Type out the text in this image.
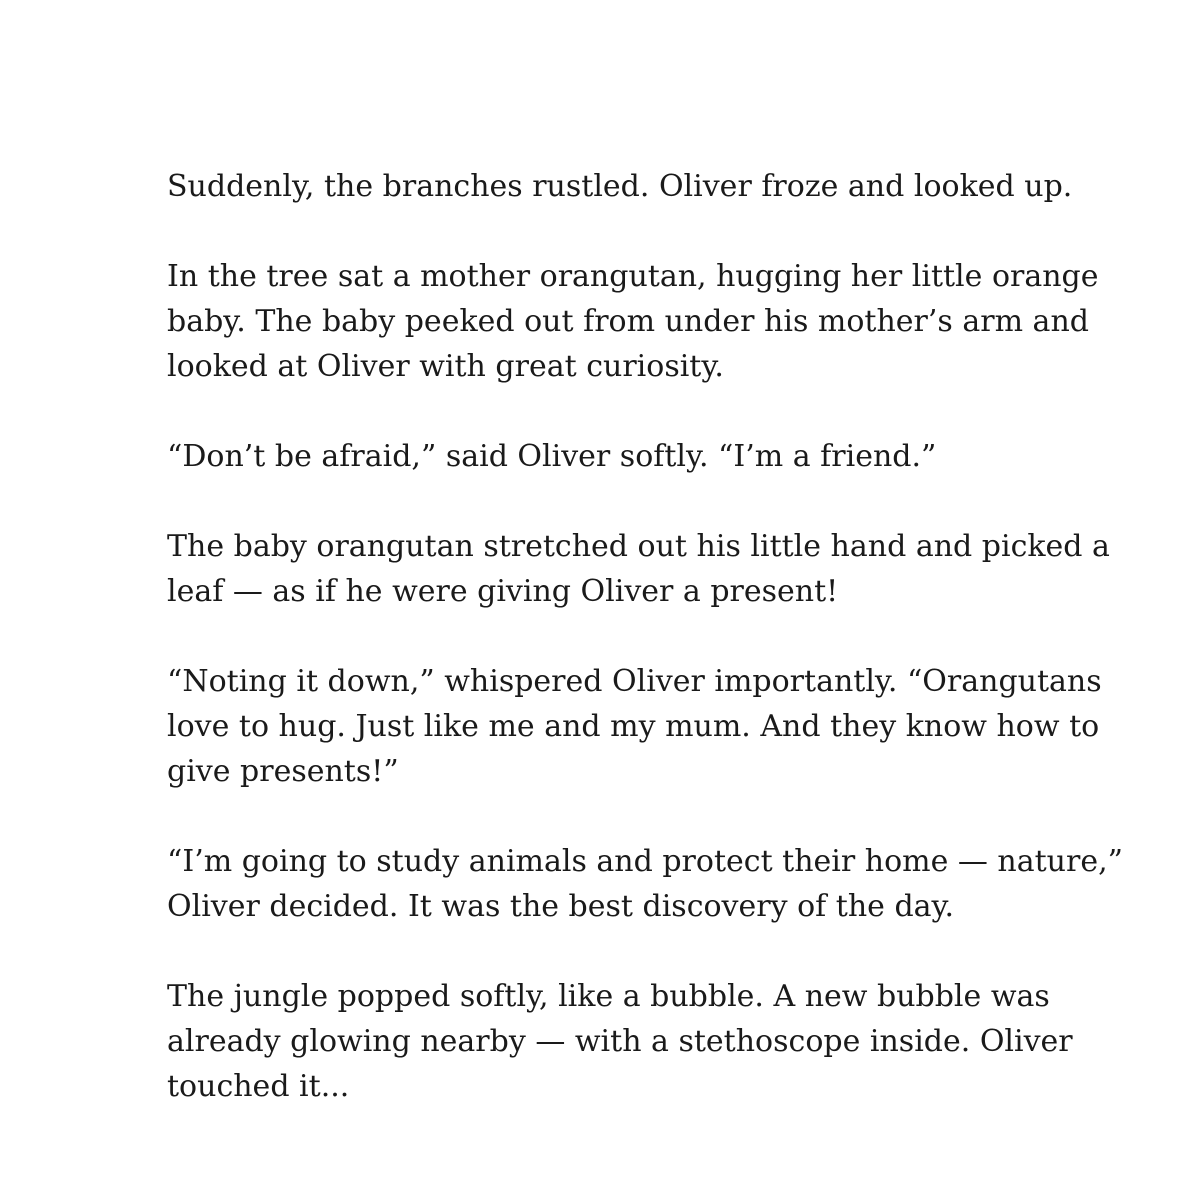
Suddenly, the branches rustled. Oliver froze and looked up.

In the tree sat a mother orangutan, hugging her little orange
baby. The baby peeked out from under his mother’s arm and
looked at Oliver with great curiosity.

“Don’t be afraid,” said Oliver softly. “I’m a friend.”

The baby orangutan stretched out his little hand and picked a
leaf — as if he were giving Oliver a present!

“Noting it down,” whispered Oliver importantly. “Orangutans
love to hug. Just like me and my mum. And they know how to
give presents!”

“I’m going to study animals and protect their home — nature,”
Oliver decided. It was the best discovery of the day.

The jungle popped softly, like a bubble. A new bubble was
already glowing nearby — with a stethoscope inside. Oliver
touched it...
